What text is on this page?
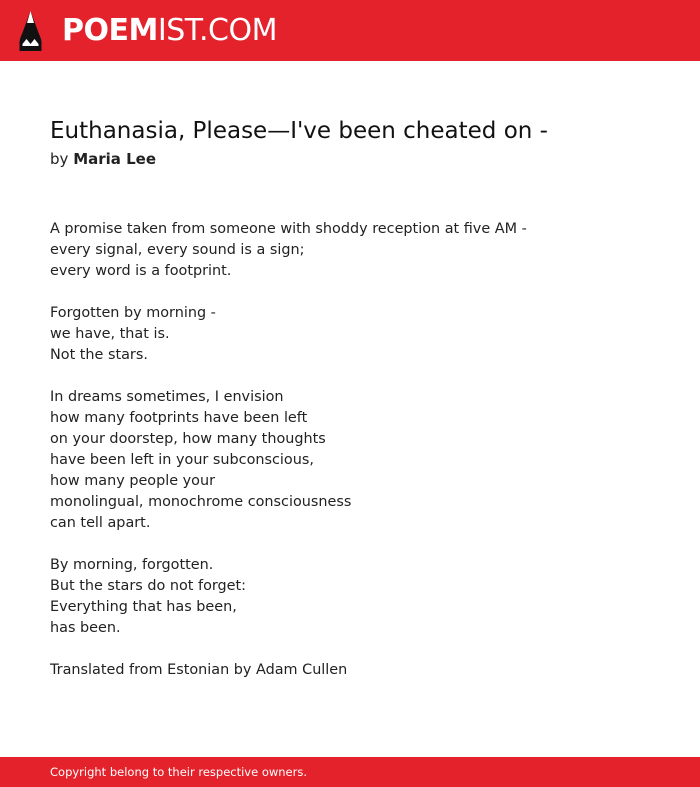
POEMIST.COM
Euthanasia, Please—I've been cheated on -
by Maria Lee
A promise taken from someone with shoddy reception at five AM -
every signal, every sound is a sign;
every word is a footprint.
Forgotten by morning -
we have, that is.
Not the stars.
In dreams sometimes, I envision
how many footprints have been left
on your doorstep, how many thoughts
have been left in your subconscious,
how many people your
monolingual, monochrome consciousness
can tell apart.
By morning, forgotten.
But the stars do not forget:
Everything that has been,
has been.
Translated from Estonian by Adam Cullen
Copyright belong to their respective owners.
